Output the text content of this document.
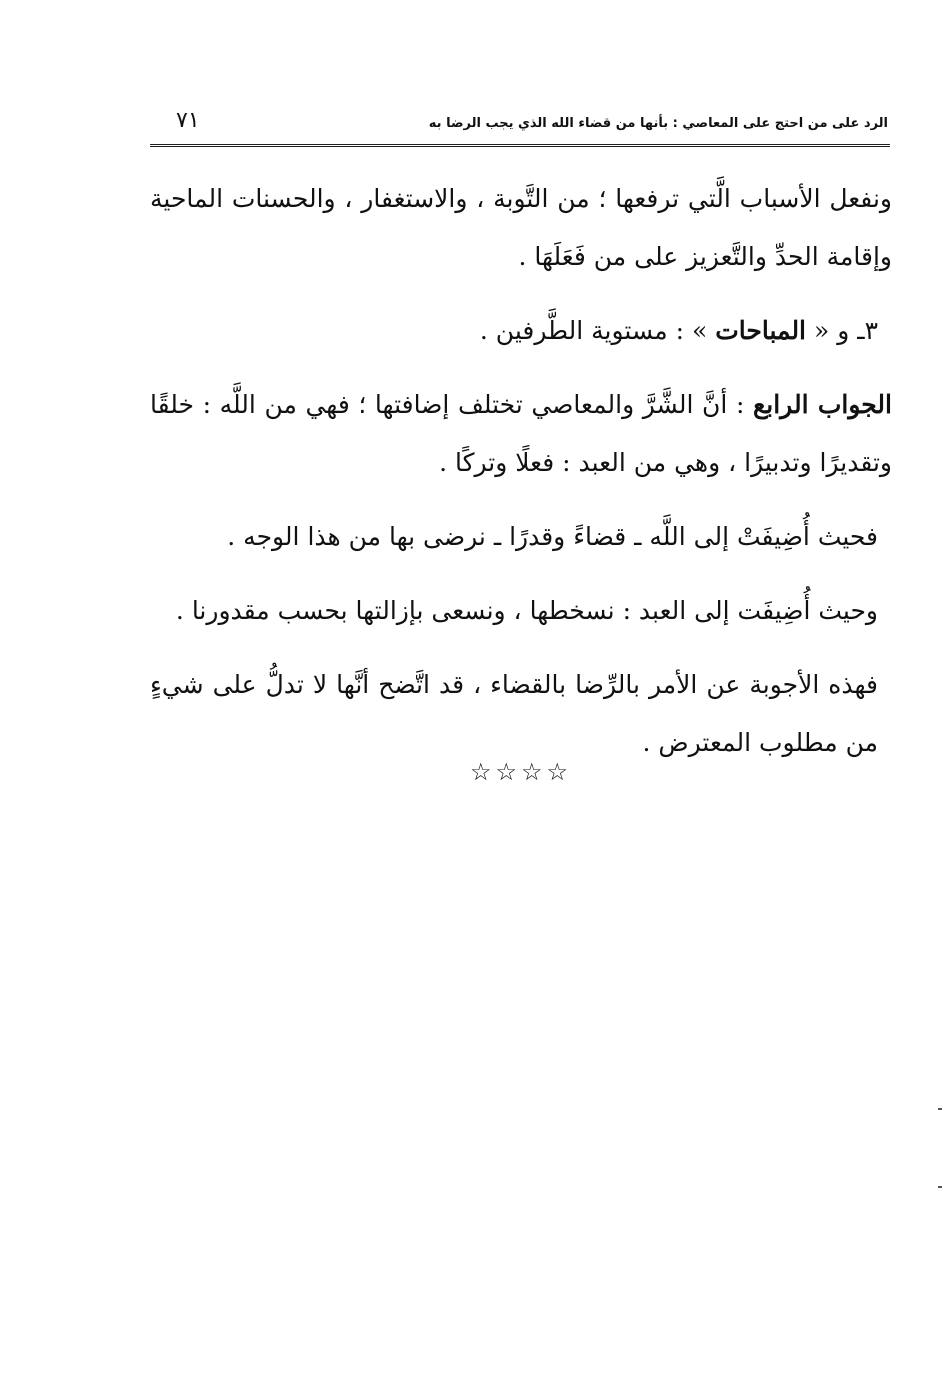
الرد على من احتج على المعاصي : بأنها من قضاء الله الذي يجب الرضا به
٧١

ونفعل الأسباب الَّتي ترفعها ؛ من التَّوبة ، والاستغفار ، والحسنات الماحية وإقامة الحدِّ والتَّعزيز على من فَعَلَهَا .

٣ـ و « المباحات » : مستوية الطَّرفين .

الجواب الرابع : أنَّ الشَّرَّ والمعاصي تختلف إضافتها ؛ فهي من اللَّه : خلقًا وتقديرًا وتدبيرًا ، وهي من العبد : فعلًا وتركًا .

فحيث أُضِيفَتْ إلى اللَّه ـ قضاءً وقدرًا ـ نرضى بها من هذا الوجه .

وحيث أُضِيفَت إلى العبد : نسخطها ، ونسعى بإزالتها بحسب مقدورنا .

فهذه الأجوبة عن الأمر بالرِّضا بالقضاء ، قد اتَّضح أنَّها لا تدلُّ على شيءٍ من مطلوب المعترض .

☆☆☆☆
